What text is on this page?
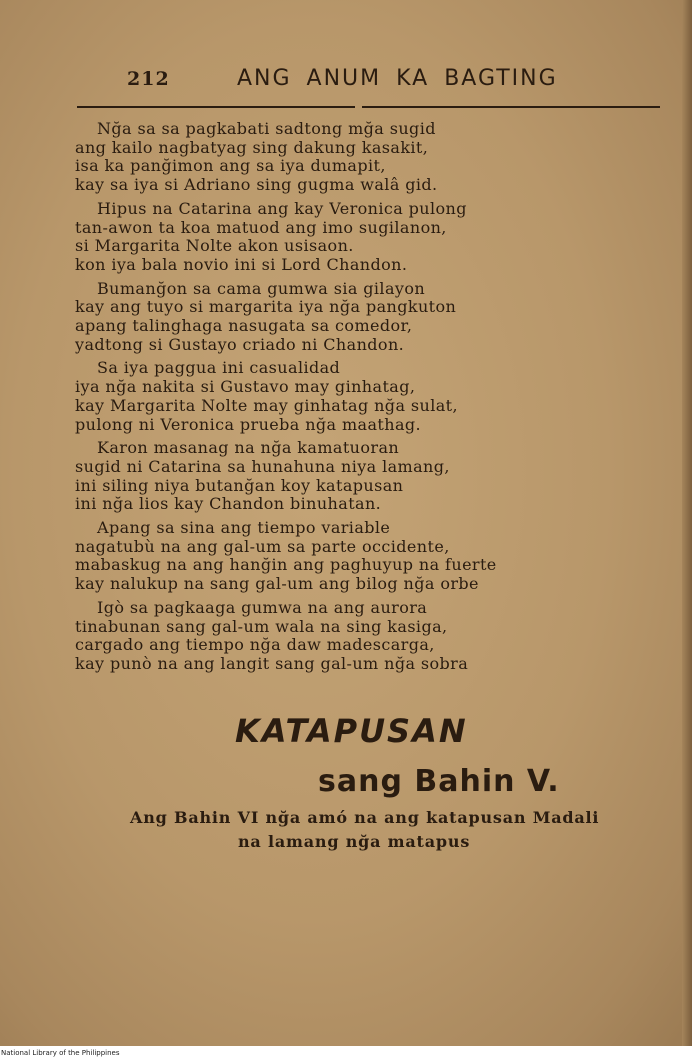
212	ANG ANUM KA BAGTING
Nğa sa sa pagkabati sadtong mğa sugid
ang kailo nagbatyag sing dakung kasakit,
isa ka panğimon ang sa iya dumapit,
kay sa iya si Adriano sing gugma walâ gid.
Hipus na Catarina ang kay Veronica pulong
tan-awon ta koa matuod ang imo sugilanon,
si Margarita Nolte akon usisaon.
kon iya bala novio ini si Lord Chandon.
Bumanğon sa cama gumwa sia gilayon
kay ang tuyo si margarita iya nğa pangkuton
apang talinghaga nasugata sa comedor,
yadtong si Gustayo criado ni Chandon.
Sa iya paggua ini casualidad
iya nğa nakita si Gustavo may ginhatag,
kay Margarita Nolte may ginhatag nğa sulat,
pulong ni Veronica prueba nğa maathag.
Karon masanag na nğa kamatuoran
sugid ni Catarina sa hunahuna niya lamang,
ini siling niya butanğan koy katapusan
ini nğa lios kay Chandon binuhatan.
Apang sa sina ang tiempo variable
nagatubù na ang gal-um sa parte occidente,
mabaskug na ang hanğin ang paghuyup na fuerte
kay nalukup na sang gal-um ang bilog nğa orbe
Igò sa pagkaaga gumwa na ang aurora
tinabunan sang gal-um wala na sing kasiga,
cargado ang tiempo nğa daw madescarga,
kay punò na ang langit sang gal-um nğa sobra
KATAPUSAN
sang Bahin V.
Ang Bahin VI nğa amó na ang katapusan Madali
na lamang nğa matapus
National Library of the Philippines
